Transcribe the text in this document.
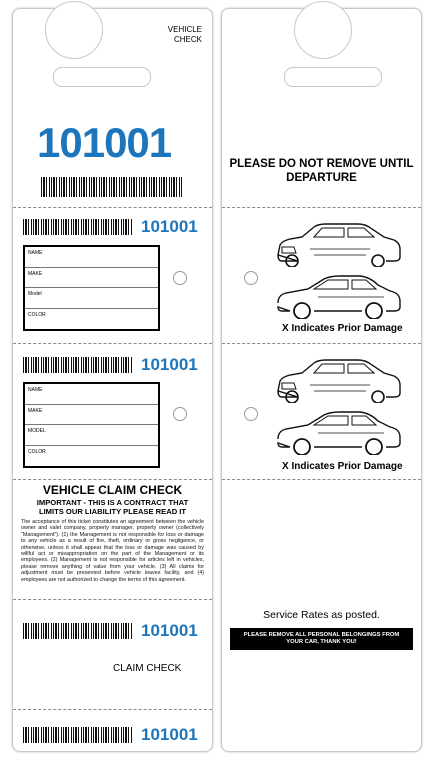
VEHICLE CHECK
101001
101001
NAME
MAKE
Model
COLOR
101001
NAME
MAKE
MODEL
COLOR
VEHICLE CLAIM CHECK
IMPORTANT - THIS IS A CONTRACT THAT LIMITS OUR LIABILITY PLEASE READ IT
The acceptance of this ticket constitutes an agreement between the vehicle owner and valet company, property manager, property owner (collectively "Management"). (1) the Management is not responsible for loss or damage to any vehicle as a result of fire, theft, ordinary or gross negligence, or otherwise, unless it shall appear that the loss or damage was caused by willful act or misappropriation on the part of the Management or its employees. (2) Management is not responsible for articles left in vehicles, please remove anything of value from your vehicle. (3) All claims for adjustment must be presented before vehicle leaves facility, and (4) employees are not authorized to change the terms of this agreement.
101001
CLAIM CHECK
101001
PLEASE DO NOT REMOVE UNTIL DEPARTURE
X Indicates Prior Damage
X Indicates Prior Damage
Service Rates as posted.
PLEASE REMOVE ALL PERSONAL BELONGINGS FROM YOUR CAR, THANK YOU!
